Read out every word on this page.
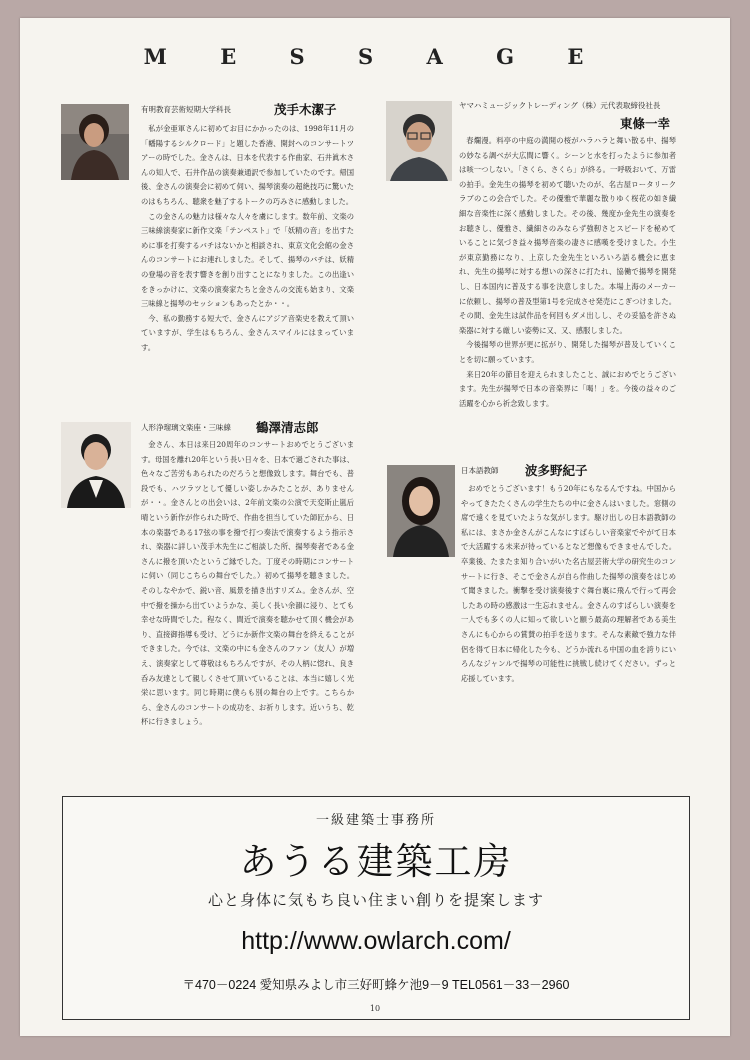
M E S S A G E
有明教育芸術短期大学科長	茂手木潔子

私が金亜軍さんに初めてお目にかかったのは、1998年11月の「幡陽するシルクロード」と題した香港、開封へのコンサートツアーの時でした。金さんは、日本を代表する作曲家、石井眞木さんの知人で、石井作品の演奏兼通訳で参加していたのです。帰国後、金さんの演奏会に初めて伺い、揚琴演奏の超絶技巧に驚いたのはもちろん、聴衆を魅了するトークの巧みさに感動しました。

この金さんの魅力は様々な人々を虜にします。数年前、文楽の三味線演奏家に新作文楽「テンペスト」で「妖精の音」を出すために事を打奏するバチはないかと相談され、東京文化会館の金さんのコンサートにお連れしました。そして、揚琴のバチは、妖精の登場の音を表す響きを創り出すことになりました。この出逢いをきっかけに、文楽の演奏家たちと金さんの交流も始まり、文楽三味線と揚琴のセッションもあったとか・・。

今、私の勤務する短大で、金さんにアジア音楽史を教えて頂いていますが、学生はもちろん、金さんスマイルにはまっています。

人形浄瑠璃文楽座・三味線 鶴澤清志郎

金さん、本日は来日20周年のコンサートおめでとうございます。母国を離れ20年という長い日々を、日本で過ごされた事は、色々なご苦労もあられたのだろうと想像致します。舞台でも、普段でも、ハツラツとして優しい姿しかみたことが、ありませんが・・。金さんとの出会いは、2年前文楽の公演で天変斯止嵐后晴という新作が作られた時で、作曲を担当していた師匠から、日本の楽器である17弦の事を撥で打つ奏法で演奏するよう指示され、楽器に詳しい茂手木先生にご相談した所、揚琴奏者である金さんに撥を頂いたというご縁でした。丁度その時期にコンサートに伺い（同じこちらの舞台でした。）初めて揚琴を聴きました。そのしなやかで、鋭い音、風景を描き出すリズム。金さんが、空中で撥を操から出ていようかな、美しく長い余韻に浸り、とても幸せな時間でした。程なく、間近で演奏を聴かせて頂く機会があり、直接御指導も受け、どうにか新作文楽の舞台を終えることができました。今では、文楽の中にも金さんのファン（友人）が増え、演奏家として尊敬はもちろんですが、その人柄に惚れ、良き呑み友達として親しくさせて頂いていることは、本当に嬉しく光栄に思います。同じ時期に僕らも別の舞台の上です。こちらから、金さんのコンサートの成功を、お祈りします。近いうち、乾杯に行きましょう。

ヤマハミュージックトレーディング（株）元代表取締役社長
東條一幸

春爛漫。料亭の中庭の満開の桜がハラハラと舞い散る中、揚琴の妙なる調べが大広間に響く。シーンと水を打ったように参加者は咳一つしない。「さくら、さくら」が終る。一呼吸おいて、万雷の拍手。金先生の揚琴を初めて聴いたのが、名古屋ロータリークラブのこの会合でした。その優雅で華麗な散りゆく桜花の如き繊細な音楽性に深く感動しました。その後、幾度か金先生の演奏をお聴きし、優雅さ、繊細さのみならず強靭さとスピードを秘めていることに気づき益々揚琴音楽の凄さに感嘆を受けました。小生が東京勤務になり、上京した金先生といろいろ語る機会に恵まれ、先生の揚琴に対する想いの深さに打たれ、協働で揚琴を開発し、日本国内に普及する事を決意しました。本場上海のメーカーに依頼し、揚琴の普及型第1号を完成させ発売にこぎつけました。その間、金先生は試作品を何回もダメ出しし、その妥協を許さぬ楽器に対する厳しい姿勢に又、又、感服しました。

今後揚琴の世界が更に拡がり、開発した揚琴が普及していくことを切に願っています。

来日20年の節目を迎えられましたこと、誠におめでとうございます。先生が揚琴で日本の音楽界に「喝！」を。今後の益々のご活躍を心から祈念致します。

日本語教師 波多野紀子

おめでとうございます！もう20年にもなるんですね。中国からやってきたたくさんの学生たちの中に金さんはいました。窓側の席で遠くを見ていたような気がします。駆け出しの日本語教師の私には、まさか金さんがこんなにすばらしい音楽家でやがて日本で大活躍する未来が待っているとなど想像もできませんでした。卒業後、たまたま知り合いがいた名古屋芸術大学の研究生のコンサートに行き、そこで金さんが自ら作曲した揚琴の演奏をはじめて聞きました。衝撃を受け演奏後すぐ舞台裏に飛んで行って再会したあの時の感激は一生忘れません。金さんのすばらしい演奏を一人でも多くの人に知って欲しいと願う最高の理解者である美生さんにも心からの賞賛の拍手を送ります。そんな素敵で強力な伴侶を得て日本に帰化した今も、どうか流れる中国の血を誇りにいろんなジャンルで揚琴の可能性に挑戦し続けてください。ずっと応援しています。

一級建築士事務所
あうる建築工房
心と身体に気もち良い住まい創りを提案します
http://www.owlarch.com/
〒470－0224 愛知県みよし市三好町蜂ケ池9－9 TEL0561－33－2960
10
